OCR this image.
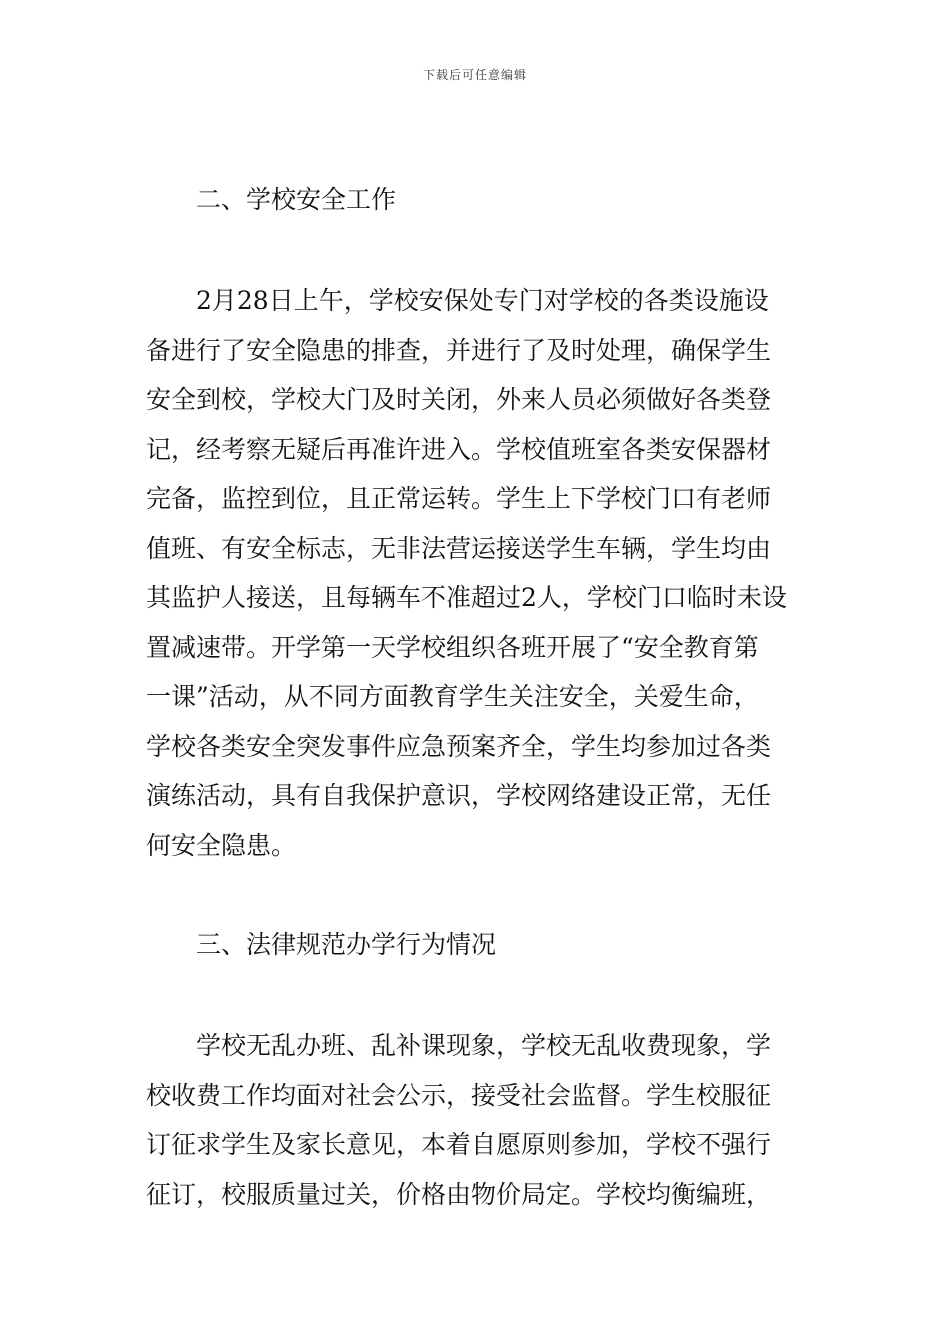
下载后可任意编辑
二、学校安全工作
2月28日上午，学校安保处专门对学校的各类设施设
备进行了安全隐患的排查，并进行了及时处理，确保学生
安全到校，学校大门及时关闭，外来人员必须做好各类登
记，经考察无疑后再准许进入。学校值班室各类安保器材
完备，监控到位，且正常运转。学生上下学校门口有老师
值班、有安全标志，无非法营运接送学生车辆，学生均由
其监护人接送，且每辆车不准超过2人，学校门口临时未设
置减速带。开学第一天学校组织各班开展了“安全教育第
一课”活动，从不同方面教育学生关注安全，关爱生命，
学校各类安全突发事件应急预案齐全，学生均参加过各类
演练活动，具有自我保护意识，学校网络建设正常，无任
何安全隐患。
三、法律规范办学行为情况
学校无乱办班、乱补课现象，学校无乱收费现象，学
校收费工作均面对社会公示，接受社会监督。学生校服征
订征求学生及家长意见，本着自愿原则参加，学校不强行
征订，校服质量过关，价格由物价局定。学校均衡编班，
